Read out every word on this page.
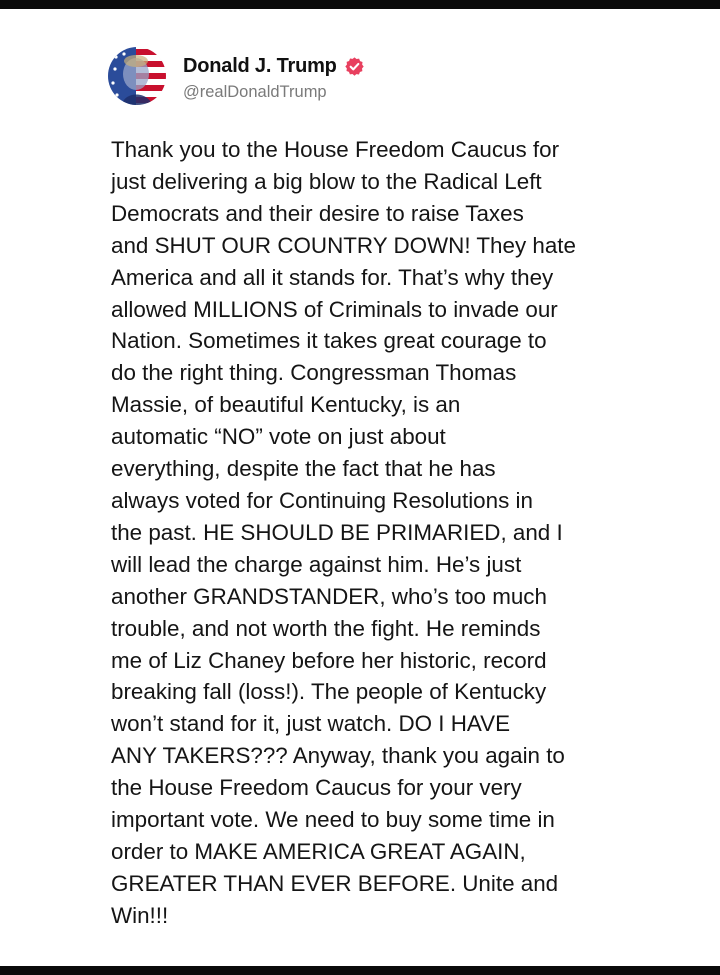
Donald J. Trump
@realDonaldTrump
Thank you to the House Freedom Caucus for
just delivering a big blow to the Radical Left
Democrats and their desire to raise Taxes
and SHUT OUR COUNTRY DOWN! They hate
America and all it stands for. That’s why they
allowed MILLIONS of Criminals to invade our
Nation. Sometimes it takes great courage to
do the right thing. Congressman Thomas
Massie, of beautiful Kentucky, is an
automatic “NO” vote on just about
everything, despite the fact that he has
always voted for Continuing Resolutions in
the past. HE SHOULD BE PRIMARIED, and I
will lead the charge against him. He’s just
another GRANDSTANDER, who’s too much
trouble, and not worth the fight. He reminds
me of Liz Chaney before her historic, record
breaking fall (loss!). The people of Kentucky
won’t stand for it, just watch. DO I HAVE
ANY TAKERS??? Anyway, thank you again to
the House Freedom Caucus for your very
important vote. We need to buy some time in
order to MAKE AMERICA GREAT AGAIN,
GREATER THAN EVER BEFORE. Unite and
Win!!!
